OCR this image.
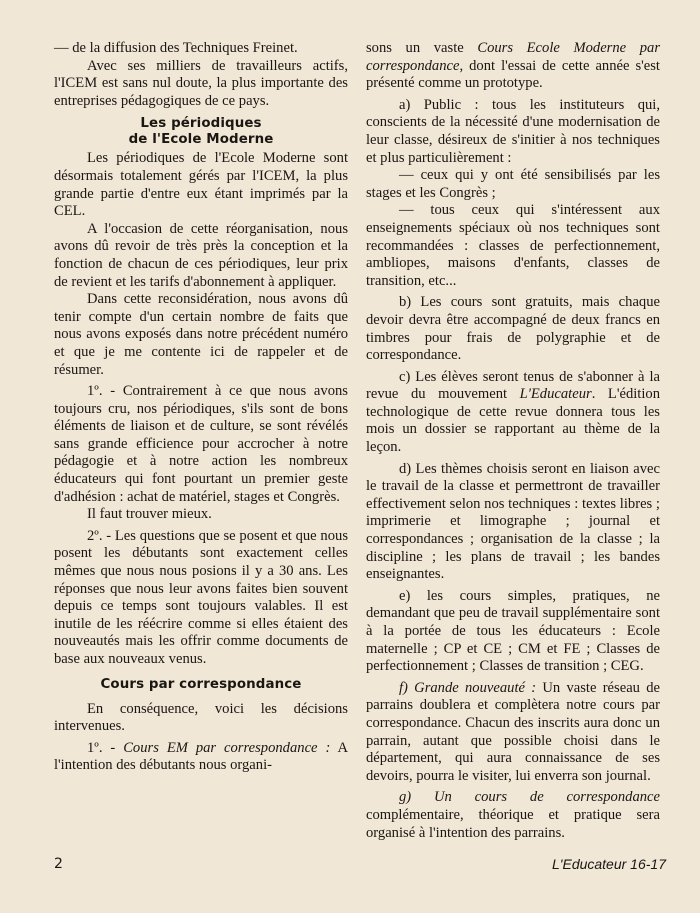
— de la diffusion des Techniques Freinet.

Avec ses milliers de travailleurs actifs, l'ICEM est sans nul doute, la plus importante des entreprises pédagogiques de ce pays.

Les périodiques
de l'Ecole Moderne

Les périodiques de l'Ecole Moderne sont désormais totalement gérés par l'ICEM, la plus grande partie d'entre eux étant imprimés par la CEL.

A l'occasion de cette réorganisation, nous avons dû revoir de très près la conception et la fonction de chacun de ces périodiques, leur prix de revient et les tarifs d'abonnement à appliquer.

Dans cette reconsidération, nous avons dû tenir compte d'un certain nombre de faits que nous avons exposés dans notre précédent numéro et que je me contente ici de rappeler et de résumer.

1º. - Contrairement à ce que nous avons toujours cru, nos périodiques, s'ils sont de bons éléments de liaison et de culture, se sont révélés sans grande efficience pour accrocher à notre pédagogie et à notre action les nombreux éducateurs qui font pourtant un premier geste d'adhésion : achat de matériel, stages et Congrès.

Il faut trouver mieux.

2º. - Les questions que se posent et que nous posent les débutants sont exactement celles mêmes que nous nous posions il y a 30 ans. Les réponses que nous leur avons faites bien souvent depuis ce temps sont toujours valables. Il est inutile de les réécrire comme si elles étaient des nouveautés mais les offrir comme documents de base aux nouveaux venus.

Cours par correspondance

En conséquence, voici les décisions intervenues.

1º. - Cours EM par correspondance : A l'intention des débutants nous organi-

sons un vaste Cours Ecole Moderne par correspondance, dont l'essai de cette année s'est présenté comme un prototype.

a) Public : tous les instituteurs qui, conscients de la nécessité d'une modernisation de leur classe, désireux de s'initier à nos techniques et plus particulièrement :

— ceux qui y ont été sensibilisés par les stages et les Congrès ;

— tous ceux qui s'intéressent aux enseignements spéciaux où nos techniques sont recommandées : classes de perfectionnement, ambliopes, maisons d'enfants, classes de transition, etc...

b) Les cours sont gratuits, mais chaque devoir devra être accompagné de deux francs en timbres pour frais de polygraphie et de correspondance.

c) Les élèves seront tenus de s'abonner à la revue du mouvement L'Educateur. L'édition technologique de cette revue donnera tous les mois un dossier se rapportant au thème de la leçon.

d) Les thèmes choisis seront en liaison avec le travail de la classe et permettront de travailler effectivement selon nos techniques : textes libres ; imprimerie et limographe ; journal et correspondances ; organisation de la classe ; la discipline ; les plans de travail ; les bandes enseignantes.

e) les cours simples, pratiques, ne demandant que peu de travail supplémentaire sont à la portée de tous les éducateurs : Ecole maternelle ; CP et CE ; CM et FE ; Classes de perfectionnement ; Classes de transition ; CEG.

f) Grande nouveauté : Un vaste réseau de parrains doublera et complètera notre cours par correspondance. Chacun des inscrits aura donc un parrain, autant que possible choisi dans le département, qui aura connaissance de ses devoirs, pourra le visiter, lui enverra son journal.

g) Un cours de correspondance complémentaire, théorique et pratique sera organisé à l'intention des parrains.

2	L'Educateur 16-17
